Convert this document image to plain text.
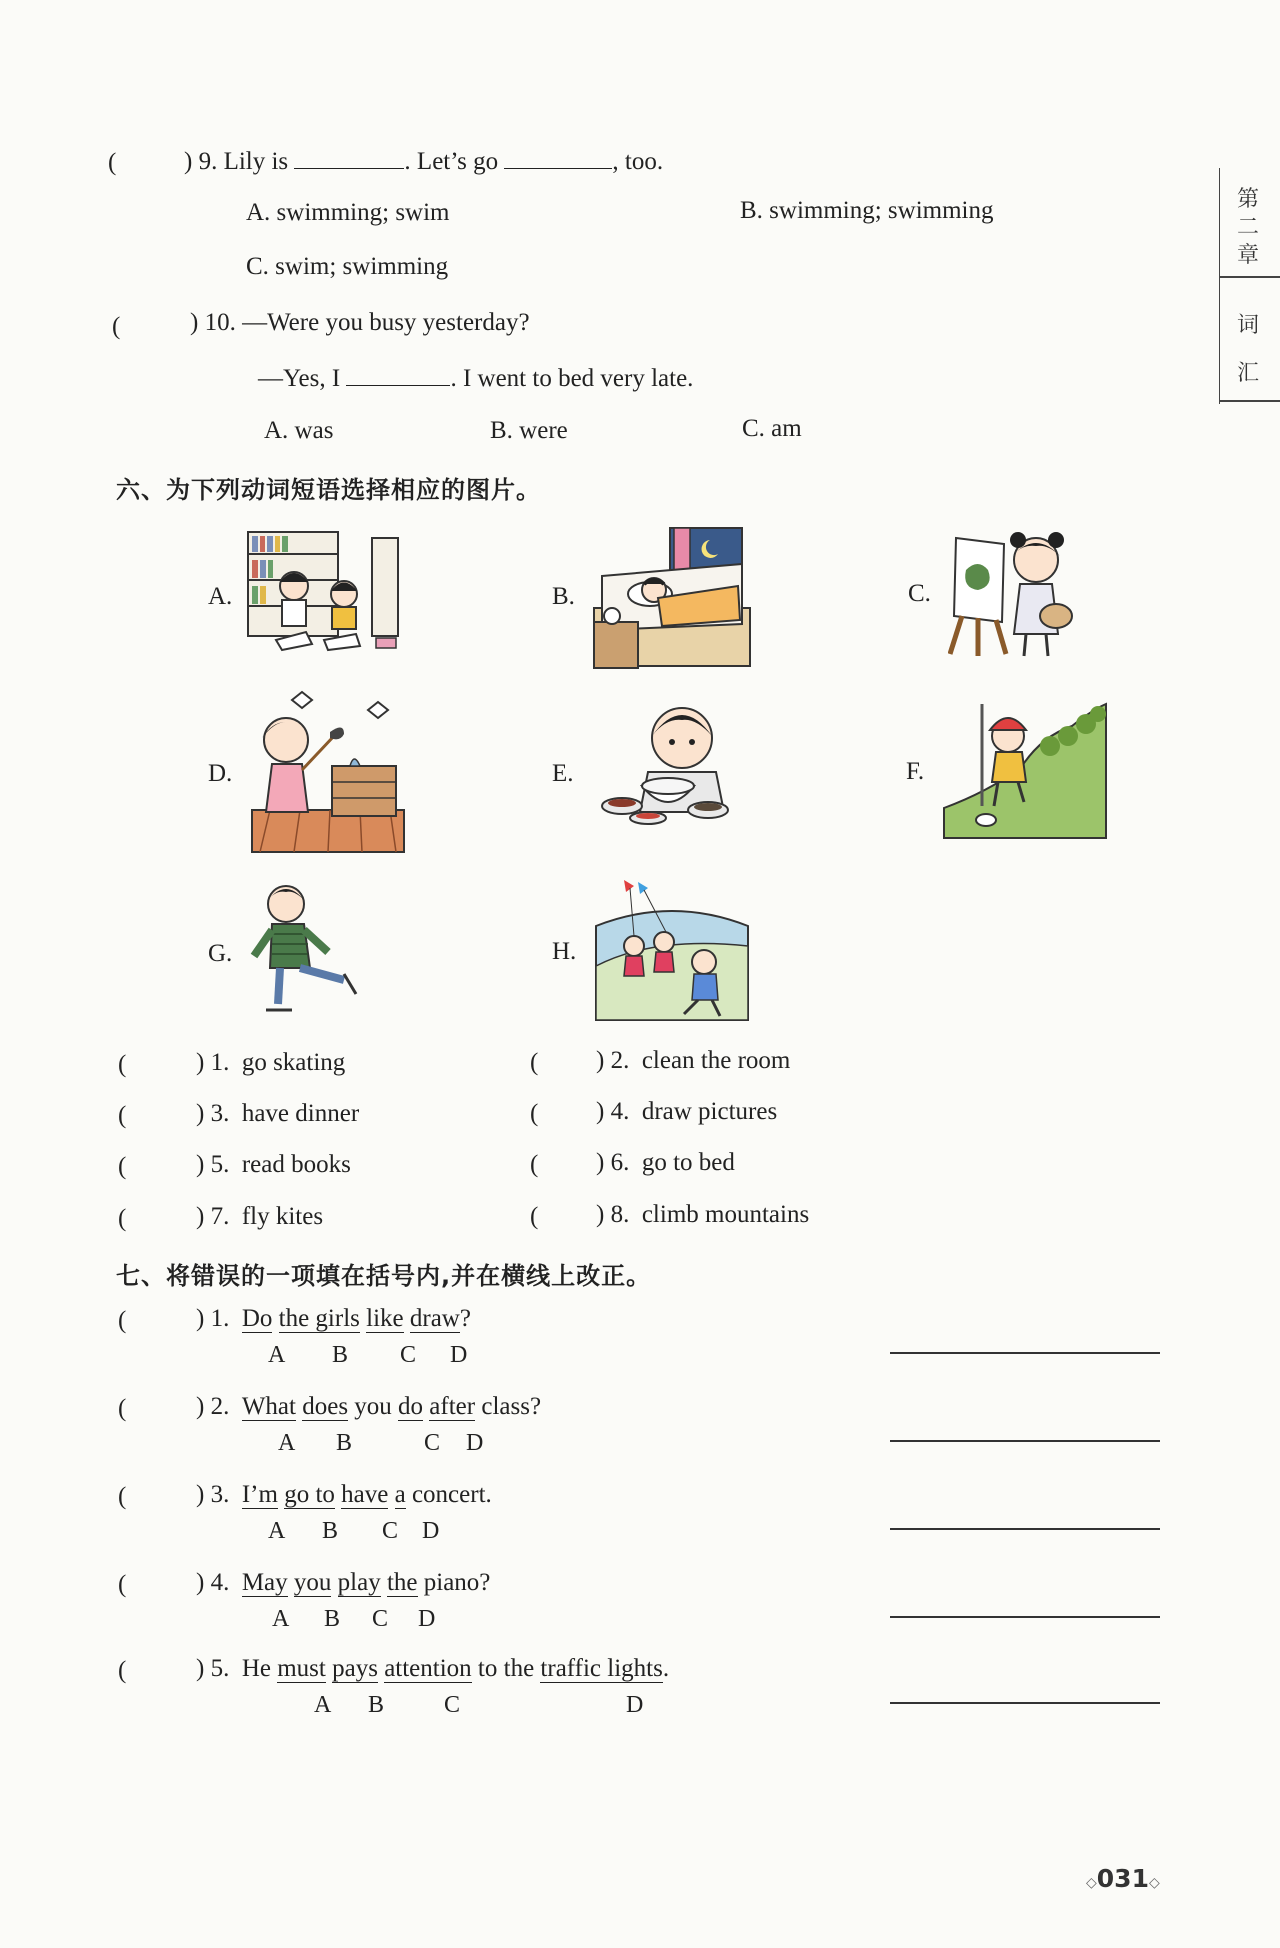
第
二
章
词
汇
(	) 9. Lily is	. Let’s go	, too.
A. swimming; swim	B. swimming; swimming
C. swim; swimming
(	) 10. —Were you busy yesterday?
—Yes, I	. I went to bed very late.
A. was	B. were	C. am
六、为下列动词短语选择相应的图片。
A.	B.	C.
D.	E.	F.
G.	H.
(	) 1. go skating	( ) 2. clean the room
(	) 3. have dinner	( ) 4. draw pictures
(	) 5. read books	( ) 6. go to bed
(	) 7. fly kites	( ) 8. climb mountains
七、将错误的一项填在括号内,并在横线上改正。
(	) 1. Do the girls like draw?
A B C D
(	) 2. What does you do after class?
A B	C D
(	) 3. I’m go to have a concert.
A B C D
(	) 4. May you play the piano?
A B C D
(	) 5. He must pays attention to the traffic lights.
A B C	D
◇031◇
